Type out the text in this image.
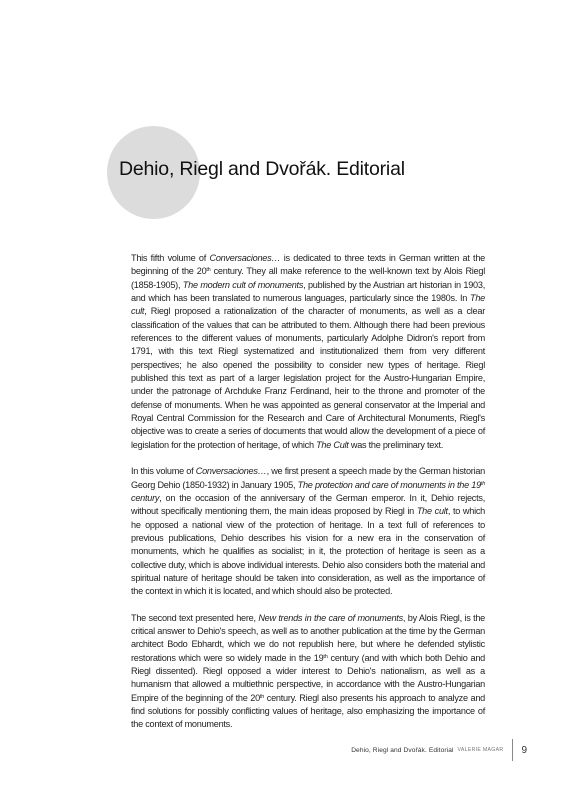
Dehio, Riegl and Dvořák. Editorial

This fifth volume of Conversaciones… is dedicated to three texts in German written at the beginning of the 20th century. They all make reference to the well-known text by Alois Riegl (1858-1905), The modern cult of monuments, published by the Austrian art historian in 1903, and which has been translated to numerous languages, particularly since the 1980s. In The cult, Riegl proposed a rationalization of the character of monuments, as well as a clear classification of the values that can be attributed to them. Although there had been previous references to the different values of monuments, particularly Adolphe Didron's report from 1791, with this text Riegl systematized and institutionalized them from very different perspectives; he also opened the possibility to consider new types of heritage. Riegl published this text as part of a larger legislation project for the Austro-Hungarian Empire, under the patronage of Archduke Franz Ferdinand, heir to the throne and promoter of the defense of monuments. When he was appointed as general conservator at the Imperial and Royal Central Commission for the Research and Care of Architectural Monuments, Riegl's objective was to create a series of documents that would allow the development of a piece of legislation for the protection of heritage, of which The Cult was the preliminary text.

In this volume of Conversaciones…, we first present a speech made by the German historian Georg Dehio (1850-1932) in January 1905, The protection and care of monuments in the 19th century, on the occasion of the anniversary of the German emperor. In it, Dehio rejects, without specifically mentioning them, the main ideas proposed by Riegl in The cult, to which he opposed a national view of the protection of heritage. In a text full of references to previous publications, Dehio describes his vision for a new era in the conservation of monuments, which he qualifies as socialist; in it, the protection of heritage is seen as a collective duty, which is above individual interests. Dehio also considers both the material and spiritual nature of heritage should be taken into consideration, as well as the importance of the context in which it is located, and which should also be protected.

The second text presented here, New trends in the care of monuments, by Alois Riegl, is the critical answer to Dehio's speech, as well as to another publication at the time by the German architect Bodo Ebhardt, which we do not republish here, but where he defended stylistic restorations which were so widely made in the 19th century (and with which both Dehio and Riegl dissented). Riegl opposed a wider interest to Dehio's nationalism, as well as a humanism that allowed a multiethnic perspective, in accordance with the Austro-Hungarian Empire of the beginning of the 20th century. Riegl also presents his approach to analyze and find solutions for possibly conflicting values of heritage, also emphasizing the importance of the context of monuments.

Dehio, Riegl and Dvořák. Editorial VALERIE MAGAR 9
